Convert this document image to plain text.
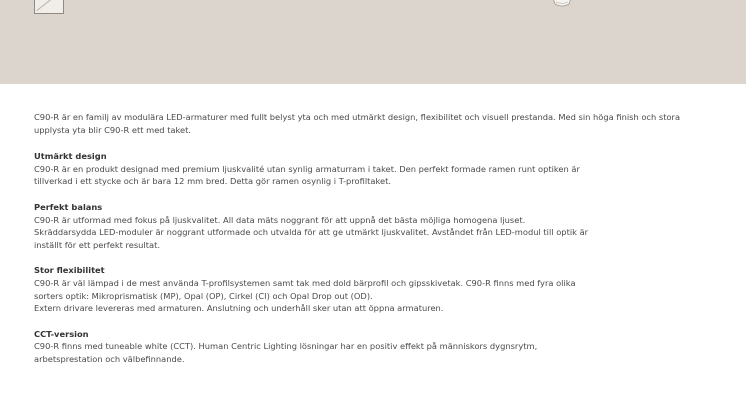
C90-R är en familj av modulära LED-armaturer med fullt belyst yta och med utmärkt design, flexibilitet och visuell prestanda. Med sin höga finish och stora upplysta yta blir C90-R ett med taket.

Utmärkt design

C90-R är en produkt designad med premium ljuskvalité utan synlig armaturram i taket. Den perfekt formade ramen runt optiken är

tillverkad i ett stycke och är bara 12 mm bred. Detta gör ramen osynlig i T-profiltaket.

Perfekt balans

C90-R är utformad med fokus på ljuskvalitet. All data mäts noggrant för att uppnå det bästa möjliga homogena ljuset.

Skräddarsydda LED-moduler är noggrant utformade och utvalda för att ge utmärkt ljuskvalitet. Avståndet från LED-modul till optik är

inställt för ett perfekt resultat.

Stor flexibilitet

C90-R är väl lämpad i de mest använda T-profilsystemen samt tak med dold bärprofil och gipsskivetak. C90-R finns med fyra olika

sorters optik: Mikroprismatisk (MP), Opal (OP), Cirkel (CI) och Opal Drop out (OD).

Extern drivare levereras med armaturen. Anslutning och underhåll sker utan att öppna armaturen.

CCT-version

C90-R finns med tuneable white (CCT). Human Centric Lighting lösningar har en positiv effekt på människors dygnsrytm,

arbetsprestation och välbefinnande.
